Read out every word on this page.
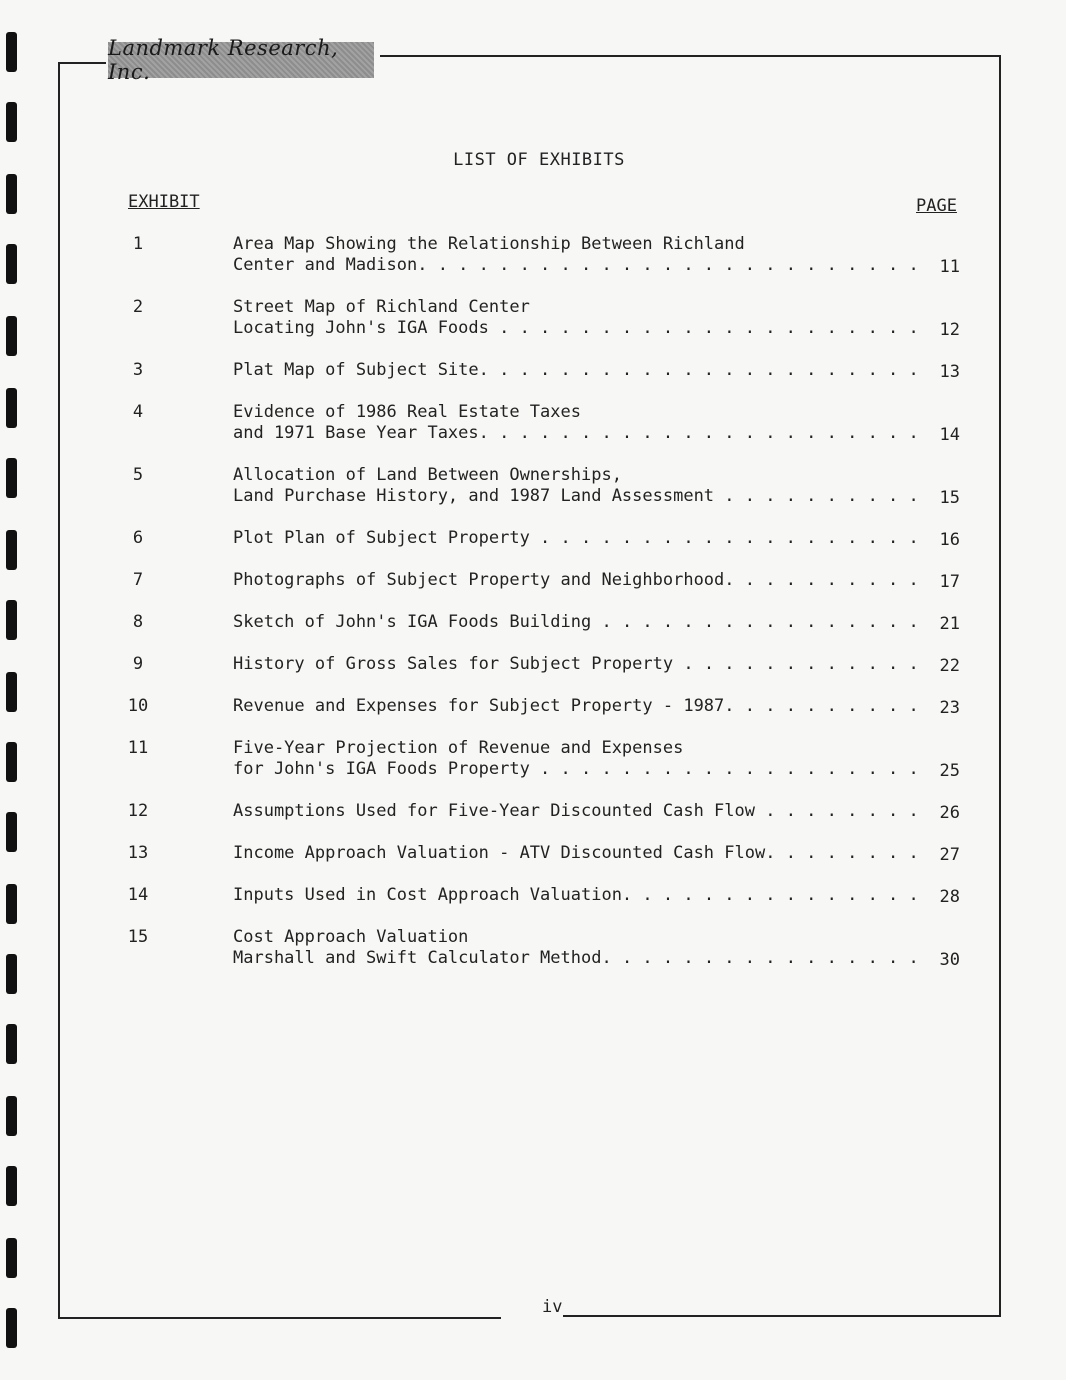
Landmark Research, Inc.
LIST OF EXHIBITS
EXHIBIT	PAGE
1	Area Map Showing the Relationship Between Richland
Center and Madison. . . .	11
2	Street Map of Richland Center
Locating John's IGA Foods . . .	12
3	Plat Map of Subject Site. . . .	13
4	Evidence of 1986 Real Estate Taxes
and 1971 Base Year Taxes. . . .	14
5	Allocation of Land Between Ownerships,
Land Purchase History, and 1987 Land Assessment . . .	15
6	Plot Plan of Subject Property . . .	16
7	Photographs of Subject Property and Neighborhood. . . .	17
8	Sketch of John's IGA Foods Building . . .	21
9	History of Gross Sales for Subject Property . . .	22
10	Revenue and Expenses for Subject Property - 1987. . . .	23
11	Five-Year Projection of Revenue and Expenses
for John's IGA Foods Property . . .	25
12	Assumptions Used for Five-Year Discounted Cash Flow . . .	26
13	Income Approach Valuation - ATV Discounted Cash Flow. . . .	27
14	Inputs Used in Cost Approach Valuation. . . .	28
15	Cost Approach Valuation
Marshall and Swift Calculator Method. . . .	30
iv
